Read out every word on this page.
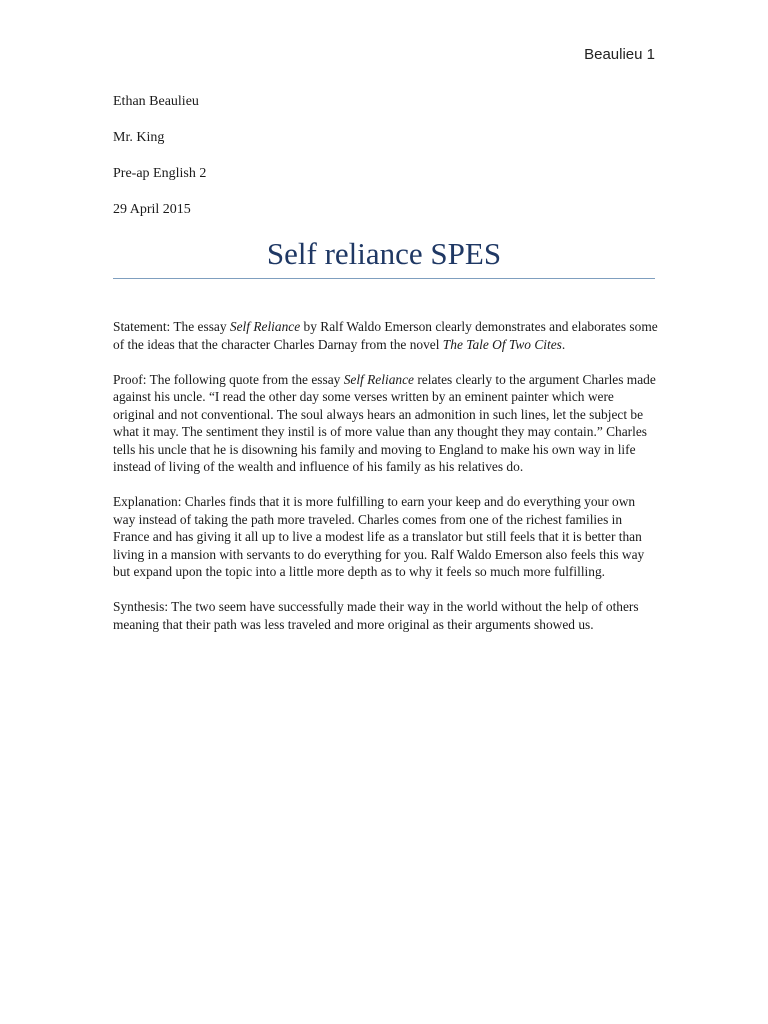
Beaulieu 1
Ethan Beaulieu
Mr. King
Pre-ap English 2
29 April 2015
Self reliance SPES

Statement: The essay Self Reliance by Ralf Waldo Emerson clearly demonstrates and elaborates some of the ideas that the character Charles Darnay from the novel The Tale Of Two Cites.

Proof: The following quote from the essay Self Reliance relates clearly to the argument Charles made against his uncle. “I read the other day some verses written by an eminent painter which were original and not conventional. The soul always hears an admonition in such lines, let the subject be what it may. The sentiment they instil is of more value than any thought they may contain.” Charles tells his uncle that he is disowning his family and moving to England to make his own way in life instead of living of the wealth and influence of his family as his relatives do.

Explanation: Charles finds that it is more fulfilling to earn your keep and do everything your own way instead of taking the path more traveled. Charles comes from one of the richest families in France and has giving it all up to live a modest life as a translator but still feels that it is better than living in a mansion with servants to do everything for you. Ralf Waldo Emerson also feels this way but expand upon the topic into a little more depth as to why it feels so much more fulfilling.

Synthesis: The two seem have successfully made their way in the world without the help of others meaning that their path was less traveled and more original as their arguments showed us.
